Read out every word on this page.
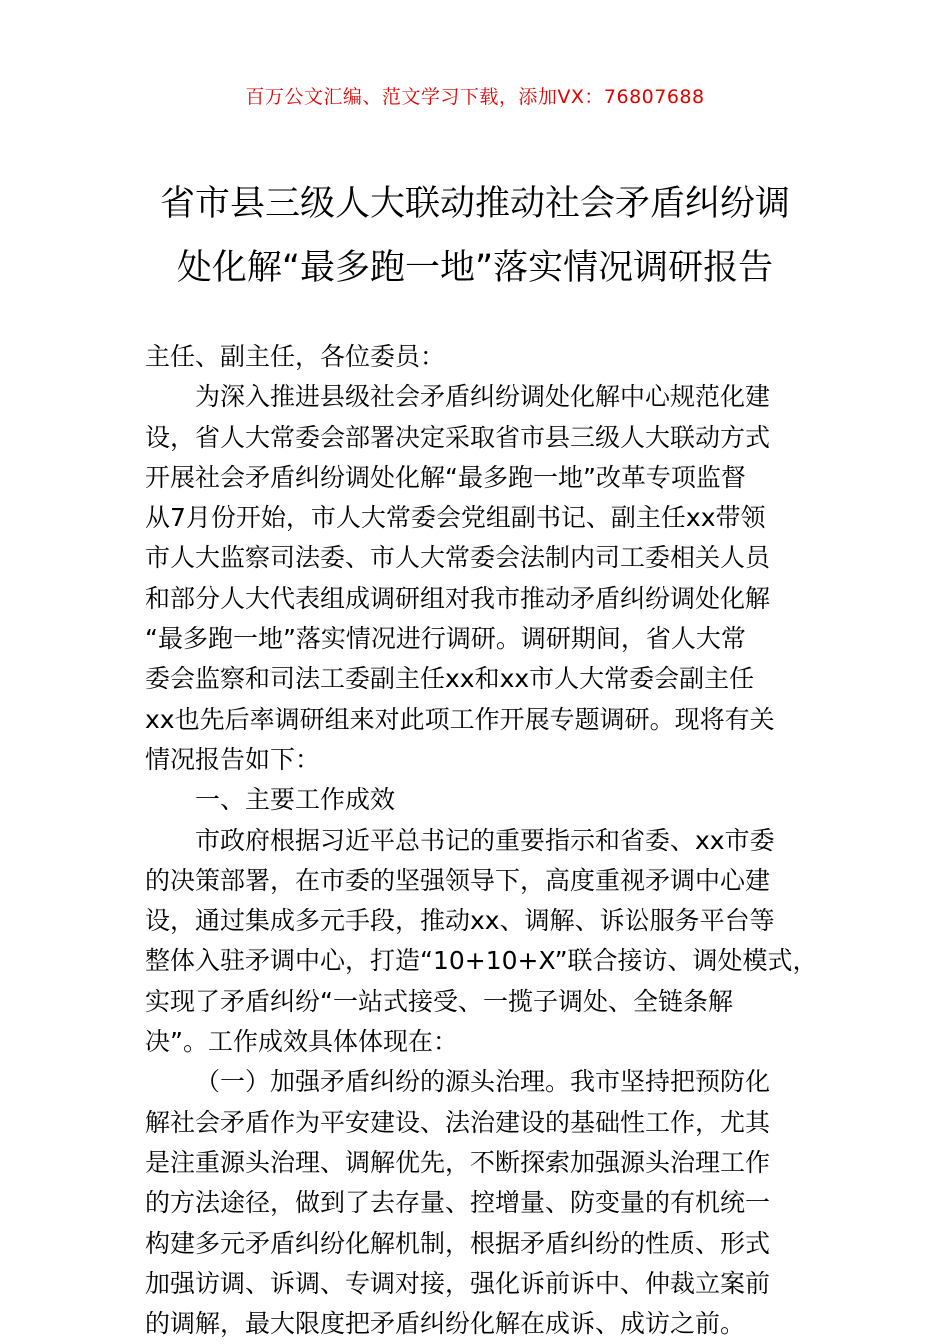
百万公文汇编、范文学习下载，添加VX：76807688
省市县三级人大联动推动社会矛盾纠纷调
处化解“最多跑一地”落实情况调研报告
主任、副主任，各位委员：
为深入推进县级社会矛盾纠纷调处化解中心规范化建
设，省人大常委会部署决定采取省市县三级人大联动方式
开展社会矛盾纠纷调处化解“最多跑一地”改革专项监督
从7月份开始，市人大常委会党组副书记、副主任xx带领
市人大监察司法委、市人大常委会法制内司工委相关人员
和部分人大代表组成调研组对我市推动矛盾纠纷调处化解
“最多跑一地”落实情况进行调研。调研期间，省人大常
委会监察和司法工委副主任xx和xx市人大常委会副主任
xx也先后率调研组来对此项工作开展专题调研。现将有关
情况报告如下：
一、主要工作成效
市政府根据习近平总书记的重要指示和省委、xx市委
的决策部署，在市委的坚强领导下，高度重视矛调中心建
设，通过集成多元手段，推动xx、调解、诉讼服务平台等
整体入驻矛调中心，打造“10+10+X”联合接访、调处模式，
实现了矛盾纠纷“一站式接受、一揽子调处、全链条解
决”。工作成效具体体现在：
（一）加强矛盾纠纷的源头治理。我市坚持把预防化
解社会矛盾作为平安建设、法治建设的基础性工作，尤其
是注重源头治理、调解优先，不断探索加强源头治理工作
的方法途径，做到了去存量、控增量、防变量的有机统一
构建多元矛盾纠纷化解机制，根据矛盾纠纷的性质、形式
加强访调、诉调、专调对接，强化诉前诉中、仲裁立案前
的调解，最大限度把矛盾纠纷化解在成诉、成访之前。
